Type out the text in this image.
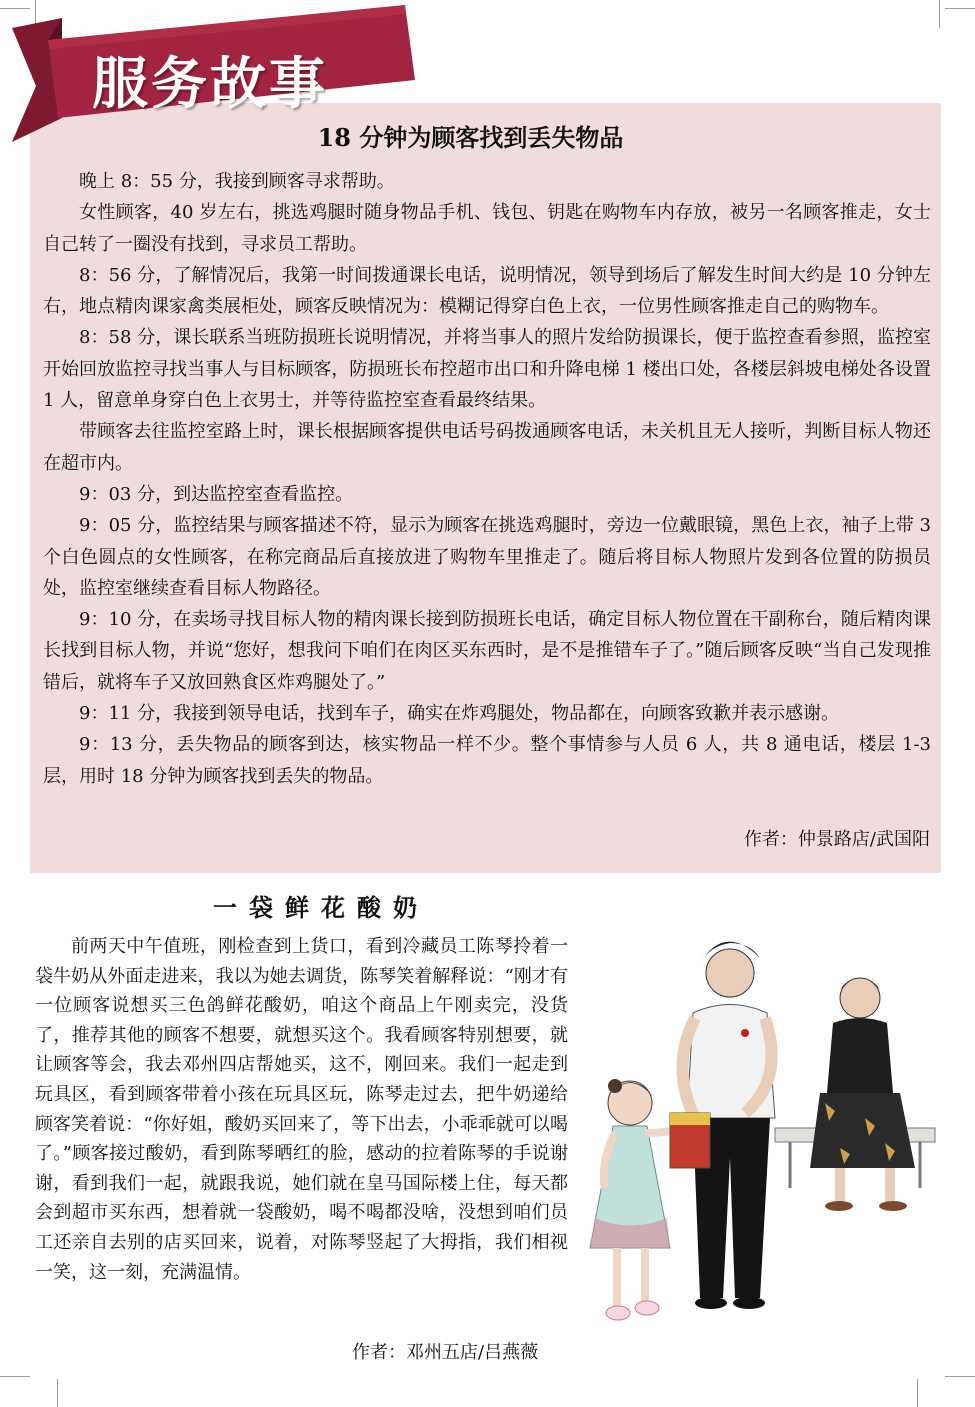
服务故事
18 分钟为顾客找到丢失物品

晚上 8：55 分，我接到顾客寻求帮助。

女性顾客，40 岁左右，挑选鸡腿时随身物品手机、钱包、钥匙在购物车内存放，被另一名顾客推走，女士自己转了一圈没有找到，寻求员工帮助。

8：56 分，了解情况后，我第一时间拨通课长电话，说明情况，领导到场后了解发生时间大约是 10 分钟左右，地点精肉课家禽类展柜处，顾客反映情况为：模糊记得穿白色上衣，一位男性顾客推走自己的购物车。

8：58 分，课长联系当班防损班长说明情况，并将当事人的照片发给防损课长，便于监控查看参照，监控室开始回放监控寻找当事人与目标顾客，防损班长布控超市出口和升降电梯 1 楼出口处，各楼层斜坡电梯处各设置 1 人，留意单身穿白色上衣男士，并等待监控室查看最终结果。

带顾客去往监控室路上时，课长根据顾客提供电话号码拨通顾客电话，未关机且无人接听，判断目标人物还在超市内。

9：03 分，到达监控室查看监控。

9：05 分，监控结果与顾客描述不符，显示为顾客在挑选鸡腿时，旁边一位戴眼镜，黑色上衣，袖子上带 3 个白色圆点的女性顾客，在称完商品后直接放进了购物车里推走了。随后将目标人物照片发到各位置的防损员处，监控室继续查看目标人物路径。

9：10 分，在卖场寻找目标人物的精肉课长接到防损班长电话，确定目标人物位置在干副称台，随后精肉课长找到目标人物，并说“您好，想我问下咱们在肉区买东西时，是不是推错车子了。”随后顾客反映“当自己发现推错后，就将车子又放回熟食区炸鸡腿处了。”

9：11 分，我接到领导电话，找到车子，确实在炸鸡腿处，物品都在，向顾客致歉并表示感谢。

9：13 分，丢失物品的顾客到达，核实物品一样不少。整个事情参与人员 6 人，共 8 通电话，楼层 1-3 层，用时 18 分钟为顾客找到丢失的物品。

作者：仲景路店/武国阳
一袋鲜花酸奶

前两天中午值班，刚检查到上货口，看到冷藏员工陈琴拎着一袋牛奶从外面走进来，我以为她去调货，陈琴笑着解释说：“刚才有一位顾客说想买三色鸽鲜花酸奶，咱这个商品上午刚卖完，没货了，推荐其他的顾客不想要，就想买这个。我看顾客特别想要，就让顾客等会，我去邓州四店帮她买，这不，刚回来。我们一起走到玩具区，看到顾客带着小孩在玩具区玩，陈琴走过去，把牛奶递给顾客笑着说：“你好姐，酸奶买回来了，等下出去，小乖乖就可以喝了。”顾客接过酸奶，看到陈琴晒红的脸，感动的拉着陈琴的手说谢谢，看到我们一起，就跟我说，她们就在皇马国际楼上住，每天都会到超市买东西，想着就一袋酸奶，喝不喝都没啥，没想到咱们员工还亲自去别的店买回来，说着，对陈琴竖起了大拇指，我们相视一笑，这一刻，充满温情。

作者：邓州五店/吕燕薇
